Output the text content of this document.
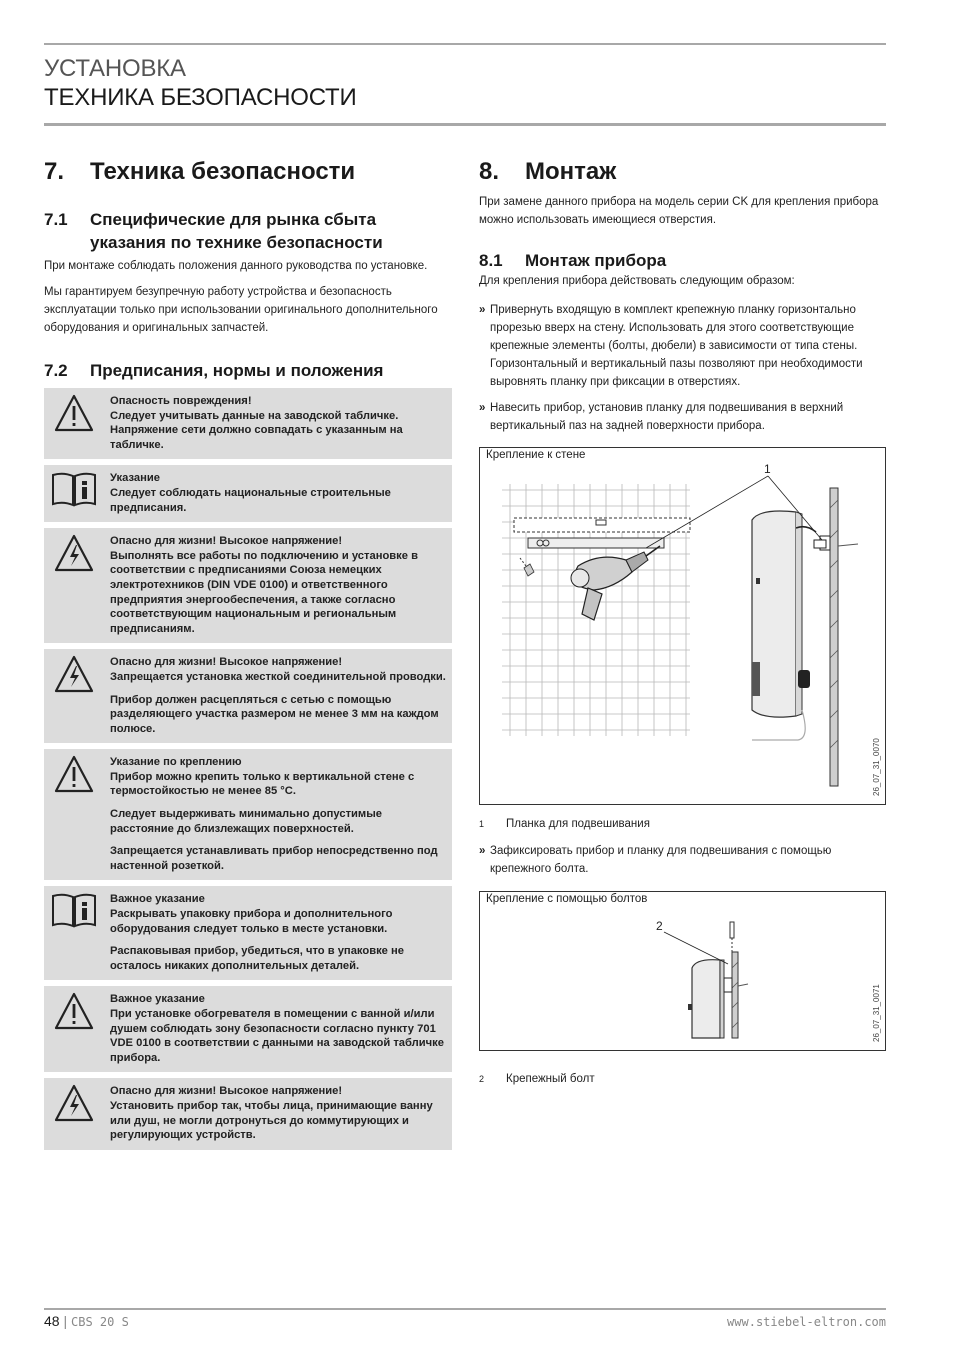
УСТАНОВКА
ТЕХНИКА БЕЗОПАСНОСТИ
7.	Техника безопасности
7.1	Специфические для рынка сбыта указания по технике безопасности

При монтаже соблюдать положения данного руководства по установке.

Мы гарантируем безупречную работу устройства и безопасность эксплуатации только при использовании оригинального дополнительного оборудования и оригинальных запчастей.

7.2	Предписания, нормы и положения
Опасность повреждения!
Следует учитывать данные на заводской табличке. Напряжение сети должно совпадать с указанным на табличке.
Указание
Следует соблюдать национальные строительные предписания.
Опасно для жизни! Высокое напряжение!
Выполнять все работы по подключению и установке в соответствии с предписаниями Союза немецких электротехников (DIN VDE 0100) и ответственного предприятия энергообеспечения, а также согласно соответствующим национальным и региональным предписаниям.
Опасно для жизни! Высокое напряжение!
Запрещается установка жесткой соединительной проводки.
Прибор должен расцепляться с сетью с помощью разделяющего участка размером не менее 3 мм на каждом полюсе.
Указание по креплению
Прибор можно крепить только к вертикальной стене с термостойкостью не менее 85 °C.
Следует выдерживать минимально допустимые расстояние до близлежащих поверхностей.
Запрещается устанавливать прибор непосредственно под настенной розеткой.
Важное указание
Раскрывать упаковку прибора и дополнительного оборудования следует только в месте установки.
Распаковывая прибор, убедиться, что в упаковке не осталось никаких дополнительных деталей.
Важное указание
При установке обогревателя в помещении с ванной и/или душем соблюдать зону безопасности согласно пункту 701 VDE 0100 в соответствии с данными на заводской табличке прибора.
Опасно для жизни! Высокое напряжение!
Установить прибор так, чтобы лица, принимающие ванну или душ, не могли дотронуться до коммутирующих и регулирующих устройств.
8.	Монтаж

При замене данного прибора на модель серии CK для крепления прибора можно использовать имеющиеся отверстия.

8.1	Монтаж прибора

Для крепления прибора действовать следующим образом:

» Привернуть входящую в комплект крепежную планку горизонтально прорезью вверх на стену. Использовать для этого соответствующие крепежные элементы (болты, дюбели) в зависимости от типа стены. Горизонтальный и вертикальный пазы позволяют при необходимости выровнять планку при фиксации в отверстиях.
» Навесить прибор, установив планку для подвешивания в верхний вертикальный паз на задней поверхности прибора.
Крепление к стене
1
26_07_31_0070
1	Планка для подвешивания
» Зафиксировать прибор и планку для подвешивания с помощью крепежного болта.
Крепление с помощью болтов
2
26_07_31_0071
2	Крепежный болт
48 | CBS 20 S	www.stiebel-eltron.com
